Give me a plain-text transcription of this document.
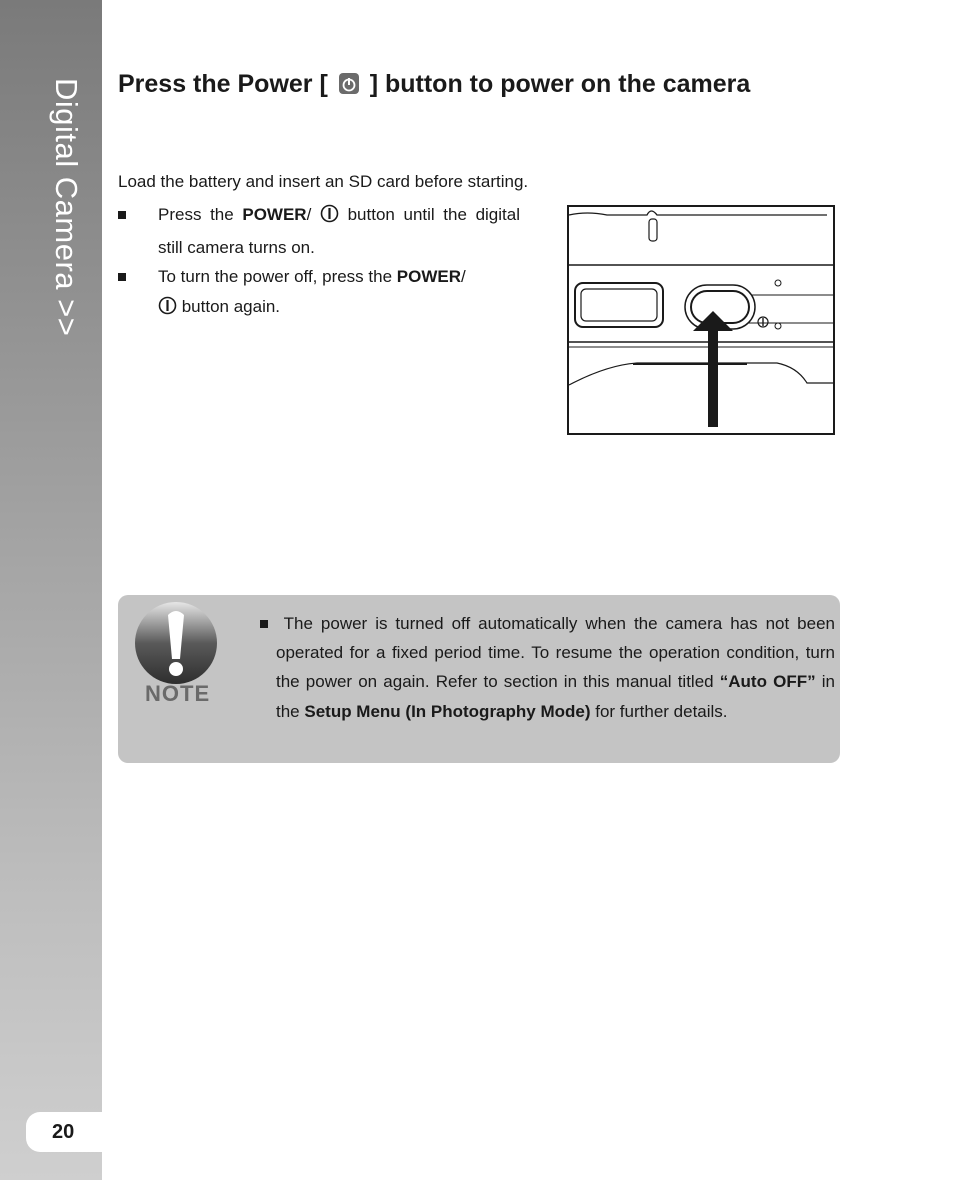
Digital Camera >>
20
Press the Power [ ] button to power on the camera

Load the battery and insert an SD card before starting.

Press the POWER/  button until the digital still camera turns on.
To turn the power off, press the POWER/
button again.
NOTE

The power is turned off automatically when the camera has not been operated for a fixed period time. To resume the operation condition, turn the power on again. Refer to section in this manual titled “Auto OFF” in the Setup Menu (In Photography Mode) for further details.
